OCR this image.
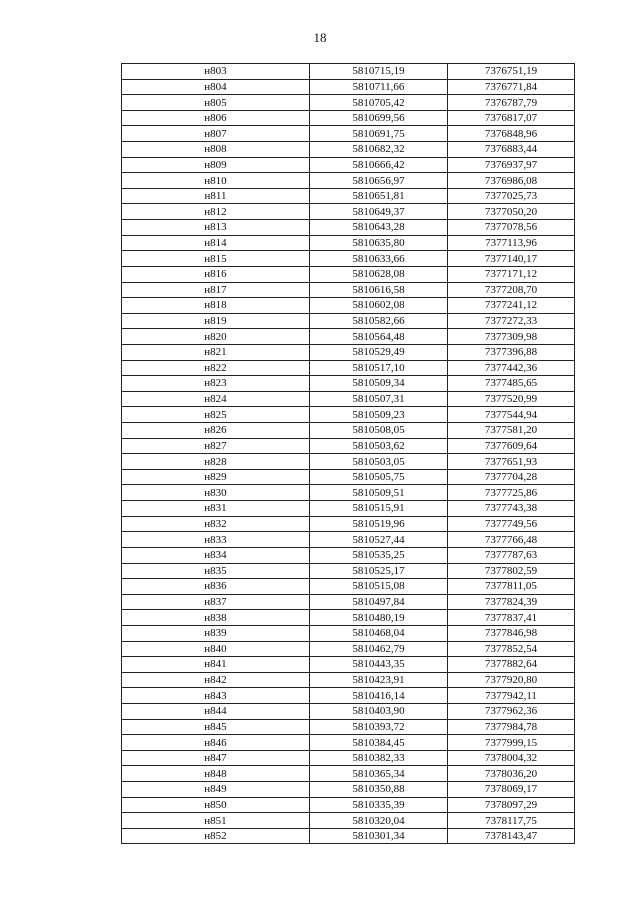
18
н803	5810715,19	7376751,19
н804	5810711,66	7376771,84
н805	5810705,42	7376787,79
н806	5810699,56	7376817,07
н807	5810691,75	7376848,96
н808	5810682,32	7376883,44
н809	5810666,42	7376937,97
н810	5810656,97	7376986,08
н811	5810651,81	7377025,73
н812	5810649,37	7377050,20
н813	5810643,28	7377078,56
н814	5810635,80	7377113,96
н815	5810633,66	7377140,17
н816	5810628,08	7377171,12
н817	5810616,58	7377208,70
н818	5810602,08	7377241,12
н819	5810582,66	7377272,33
н820	5810564,48	7377309,98
н821	5810529,49	7377396,88
н822	5810517,10	7377442,36
н823	5810509,34	7377485,65
н824	5810507,31	7377520,99
н825	5810509,23	7377544,94
н826	5810508,05	7377581,20
н827	5810503,62	7377609,64
н828	5810503,05	7377651,93
н829	5810505,75	7377704,28
н830	5810509,51	7377725,86
н831	5810515,91	7377743,38
н832	5810519,96	7377749,56
н833	5810527,44	7377766,48
н834	5810535,25	7377787,63
н835	5810525,17	7377802,59
н836	5810515,08	7377811,05
н837	5810497,84	7377824,39
н838	5810480,19	7377837,41
н839	5810468,04	7377846,98
н840	5810462,79	7377852,54
н841	5810443,35	7377882,64
н842	5810423,91	7377920,80
н843	5810416,14	7377942,11
н844	5810403,90	7377962,36
н845	5810393,72	7377984,78
н846	5810384,45	7377999,15
н847	5810382,33	7378004,32
н848	5810365,34	7378036,20
н849	5810350,88	7378069,17
н850	5810335,39	7378097,29
н851	5810320,04	7378117,75
н852	5810301,34	7378143,47
